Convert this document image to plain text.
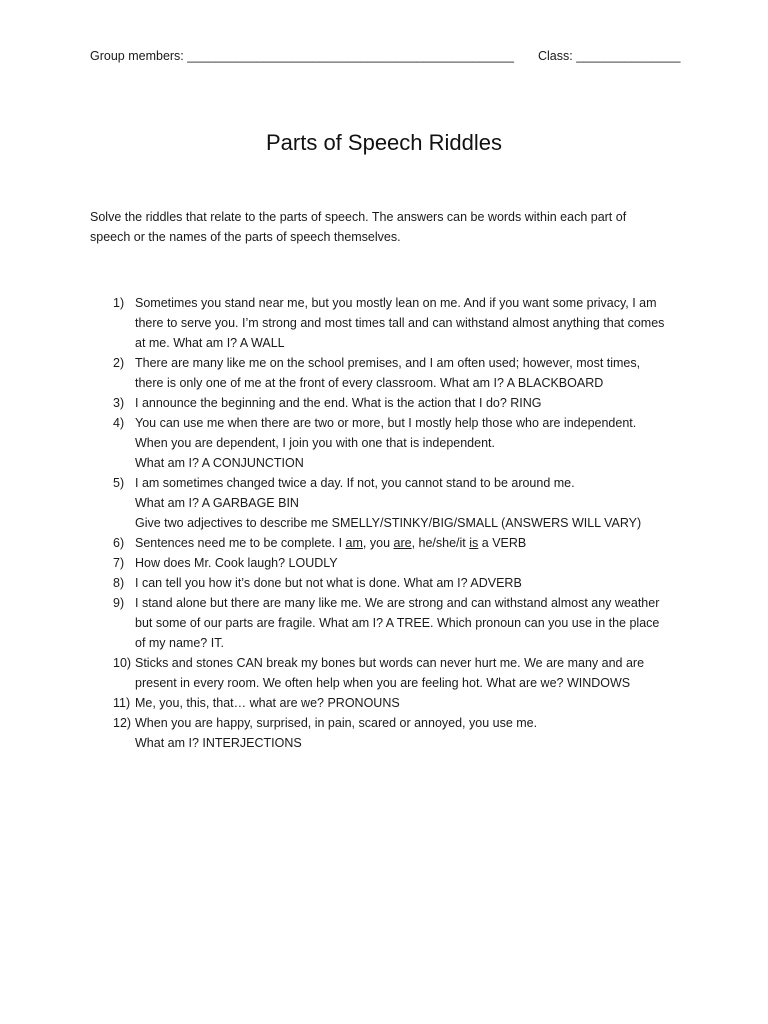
Group members: _______________________________________________ Class: _______________
Parts of Speech Riddles
Solve the riddles that relate to the parts of speech. The answers can be words within each part of
speech or the names of the parts of speech themselves.
1) Sometimes you stand near me, but you mostly lean on me. And if you want some privacy, I am
there to serve you. I’m strong and most times tall and can withstand almost anything that comes
at me. What am I? A WALL
2) There are many like me on the school premises, and I am often used; however, most times,
there is only one of me at the front of every classroom. What am I? A BLACKBOARD
3) I announce the beginning and the end. What is the action that I do? RING
4) You can use me when there are two or more, but I mostly help those who are independent.
When you are dependent, I join you with one that is independent.
What am I? A CONJUNCTION
5) I am sometimes changed twice a day. If not, you cannot stand to be around me.
What am I? A GARBAGE BIN
Give two adjectives to describe me SMELLY/STINKY/BIG/SMALL (ANSWERS WILL VARY)
6) Sentences need me to be complete. I am, you are, he/she/it is a VERB
7) How does Mr. Cook laugh? LOUDLY
8) I can tell you how it’s done but not what is done. What am I? ADVERB
9) I stand alone but there are many like me. We are strong and can withstand almost any weather
but some of our parts are fragile. What am I? A TREE. Which pronoun can you use in the place
of my name? IT.
10) Sticks and stones CAN break my bones but words can never hurt me. We are many and are
present in every room. We often help when you are feeling hot. What are we? WINDOWS
11) Me, you, this, that… what are we? PRONOUNS
12) When you are happy, surprised, in pain, scared or annoyed, you use me.
What am I? INTERJECTIONS
